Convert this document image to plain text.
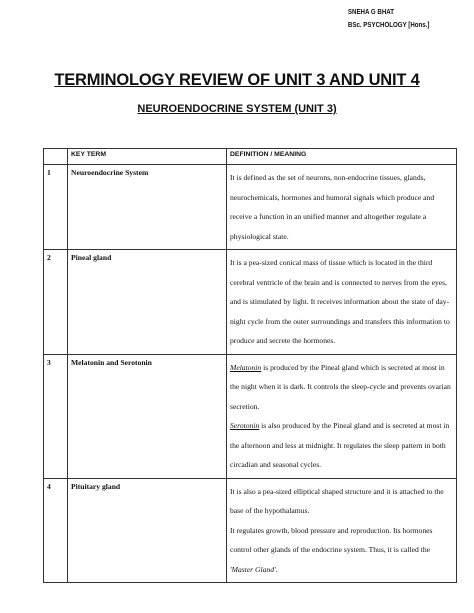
SNEHA G BHAT
BSc. PSYCHOLOGY [Hons.]
TERMINOLOGY REVIEW OF UNIT 3 AND UNIT 4
NEUROENDOCRINE SYSTEM (UNIT 3)
	KEY TERM	DEFINITION / MEANING
1	Neuroendocrine System	It is defined as the set of neurons, non-endocrine tissues, glands, neurochemicals, hormones and humoral signals which produce and receive a function in an unified manner and altogether regulate a physiological state.
2	Pineal gland	It is a pea-sized conical mass of tissue which is located in the third cerebral ventricle of the brain and is connected to nerves from the eyes, and is stimulated by light. It receives information about the state of day-night cycle from the outer surroundings and transfers this information to produce and secrete the hormones.
3	Melatonin and Serotonin	Melatonin is produced by the Pineal gland which is secreted at most in the night when it is dark. It controls the sleep-cycle and prevents ovarian secretion.

Serotonin is also produced by the Pineal gland and is secreted at most in the afternoon and less at midnight. It regulates the sleep pattern in both circadian and seasonal cycles.

4	Pituitary gland	It is also a pea-sized elliptical shaped structure and it is attached to the base of the hypothalamus.

It regulates growth, blood pressure and reproduction. Its hormones control other glands of the endocrine system. Thus, it is called the 'Master Gland'.
